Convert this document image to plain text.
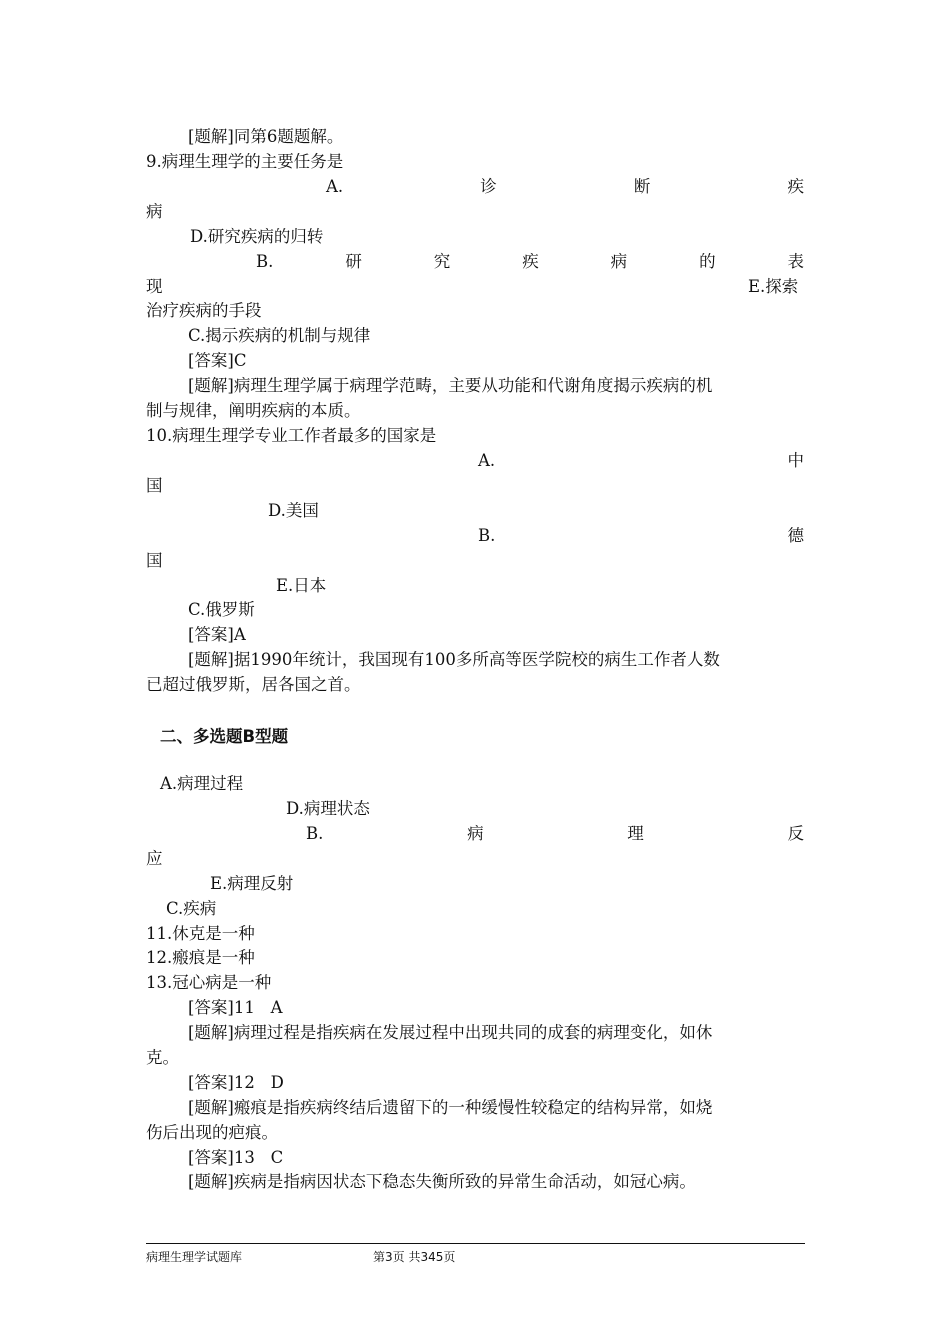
[题解]同第6题题解。
9.病理生理学的主要任务是
A.	诊	断	疾
病
D.研究疾病的归转
B.	研	究	疾	病	的	表
现	E.探索
治疗疾病的手段
C.揭示疾病的机制与规律
[答案]C
[题解]病理生理学属于病理学范畴，主要从功能和代谢角度揭示疾病的机
制与规律，阐明疾病的本质。
10.病理生理学专业工作者最多的国家是
A.	中
国
D.美国
B.	德
国
E.日本
C.俄罗斯
[答案]A
[题解]据1990年统计，我国现有100多所高等医学院校的病生工作者人数
已超过俄罗斯，居各国之首。
二、多选题B型题
A.病理过程
D.病理状态
B.	病	理	反
应
E.病理反射
C.疾病
11.休克是一种
12.瘢痕是一种
13.冠心病是一种
[答案]11   A
[题解]病理过程是指疾病在发展过程中出现共同的成套的病理变化，如休
克。
[答案]12   D
[题解]瘢痕是指疾病终结后遗留下的一种缓慢性较稳定的结构异常，如烧
伤后出现的疤痕。
[答案]13   C
[题解]疾病是指病因状态下稳态失衡所致的异常生命活动，如冠心病。
病理生理学试题库	第3页 共345页
